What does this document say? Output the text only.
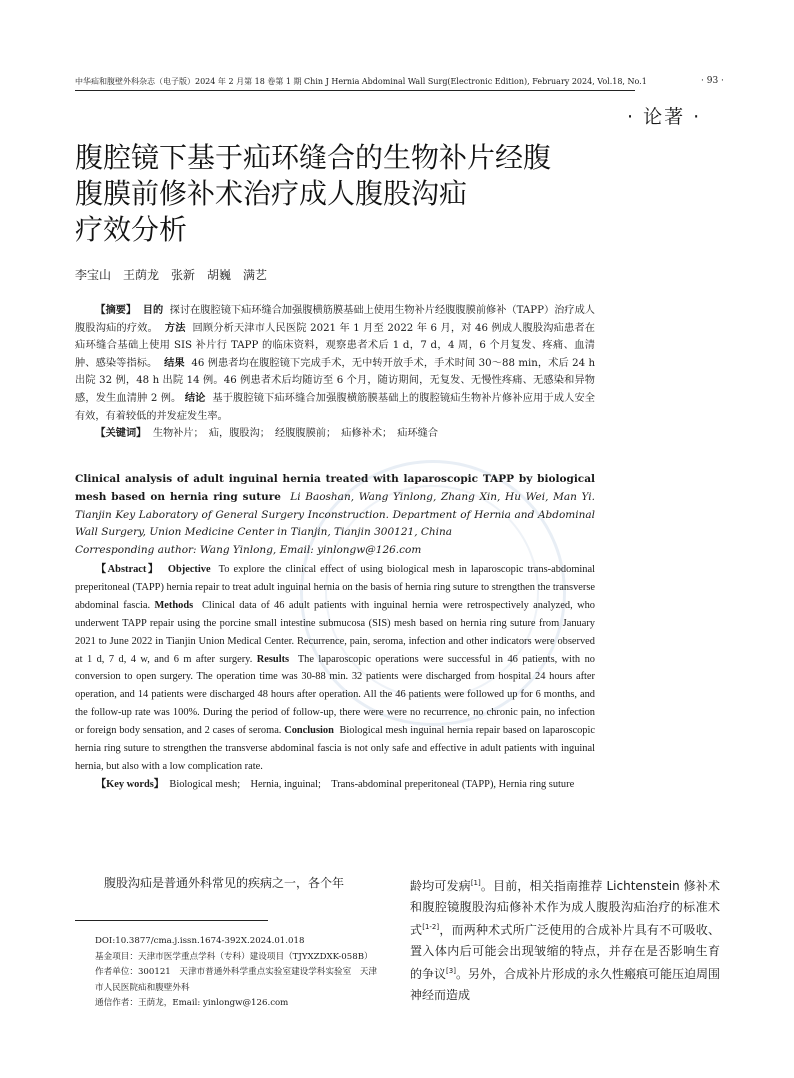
中华疝和腹壁外科杂志（电子版）2024 年 2 月第 18 卷第 1 期 Chin J Hernia Abdominal Wall Surg(Electronic Edition), February 2024, Vol.18, No.1	· 93 ·
· 论著 ·
腹腔镜下基于疝环缝合的生物补片经腹
腹膜前修补术治疗成人腹股沟疝
疗效分析
李宝山　王荫龙　张新　胡巍　满艺
【摘要】 目的 探讨在腹腔镜下疝环缝合加强腹横筋膜基础上使用生物补片经腹腹膜前修补（TAPP）治疗成人腹股沟疝的疗效。 方法 回顾分析天津市人民医院 2021 年 1 月至 2022 年 6 月，对 46 例成人腹股沟疝患者在疝环缝合基础上使用 SIS 补片行 TAPP 的临床资料，观察患者术后 1 d，7 d，4 周，6 个月复发、疼痛、血清肿、感染等指标。 结果 46 例患者均在腹腔镜下完成手术，无中转开放手术，手术时间 30～88 min，术后 24 h 出院 32 例，48 h 出院 14 例。46 例患者术后均随访至 6 个月，随访期间，无复发、无慢性疼痛、无感染和异物感，发生血清肿 2 例。 结论 基于腹腔镜下疝环缝合加强腹横筋膜基础上的腹腔镜疝生物补片修补应用于成人安全有效，有着较低的并发症发生率。
【关键词】 生物补片；　疝，腹股沟；　经腹腹膜前；　疝修补术；　疝环缝合
Clinical analysis of adult inguinal hernia treated with laparoscopic TAPP by biological mesh based on hernia ring suture Li Baoshan, Wang Yinlong, Zhang Xin, Hu Wei, Man Yi. Tianjin Key Laboratory of General Surgery Inconstruction. Department of Hernia and Abdominal Wall Surgery, Union Medicine Center in Tianjin, Tianjin 300121, China
Corresponding author: Wang Yinlong, Email: yinlongw@126.com
【Abstract】 Objective To explore the clinical effect of using biological mesh in laparoscopic trans-abdominal preperitoneal (TAPP) hernia repair to treat adult inguinal hernia on the basis of hernia ring suture to strengthen the transverse abdominal fascia. Methods Clinical data of 46 adult patients with inguinal hernia were retrospectively analyzed, who underwent TAPP repair using the porcine small intestine submucosa (SIS) mesh based on hernia ring suture from January 2021 to June 2022 in Tianjin Union Medical Center. Recurrence, pain, seroma, infection and other indicators were observed at 1 d, 7 d, 4 w, and 6 m after surgery. Results The laparoscopic operations were successful in 46 patients, with no conversion to open surgery. The operation time was 30-88 min. 32 patients were discharged from hospital 24 hours after operation, and 14 patients were discharged 48 hours after operation. All the 46 patients were followed up for 6 months, and the follow-up rate was 100%. During the period of follow-up, there were were no recurrence, no chronic pain, no infection or foreign body sensation, and 2 cases of seroma. Conclusion Biological mesh inguinal hernia repair based on laparoscopic hernia ring suture to strengthen the transverse abdominal fascia is not only safe and effective in adult patients with inguinal hernia, but also with a low complication rate.
【Key words】 Biological mesh;　Hernia, inguinal;　Trans-abdominal preperitoneal (TAPP), Hernia ring suture
腹股沟疝是普通外科常见的疾病之一，各个年
DOI:10.3877/cma.j.issn.1674-392X.2024.01.018
基金项目：天津市医学重点学科（专科）建设项目（TJYXZDXK-058B）
作者单位：300121　天津市普通外科学重点实验室建设学科实验室　天津市人民医院疝和腹壁外科
通信作者：王荫龙，Email: yinlongw@126.com
龄均可发病[1]。目前，相关指南推荐 Lichtenstein 修补术和腹腔镜腹股沟疝修补术作为成人腹股沟疝治疗的标准术式[1-2]，而两种术式所广泛使用的合成补片具有不可吸收、置入体内后可能会出现皱缩的特点，并存在是否影响生育的争议[3]。另外，合成补片形成的永久性瘢痕可能压迫周围神经而造成
